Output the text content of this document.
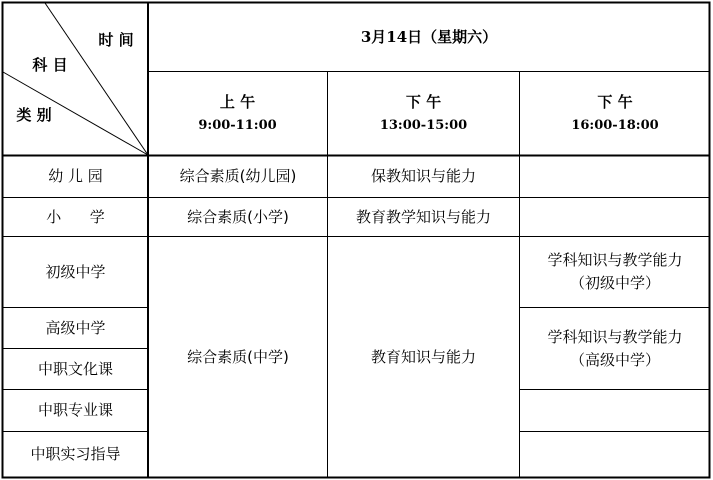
时 间
科 目
类 别
3月14日（星期六）
上 午
9:00-11:00
下 午
13:00-15:00
下 午
16:00-18:00
幼 儿 园
小      学
初级中学
高级中学
中职文化课
中职专业课
中职实习指导
综合素质(幼儿园)
综合素质(小学)
综合素质(中学)
保教知识与能力
教育教学知识与能力
教育知识与能力
学科知识与教学能力
（初级中学）
学科知识与教学能力
（高级中学）
